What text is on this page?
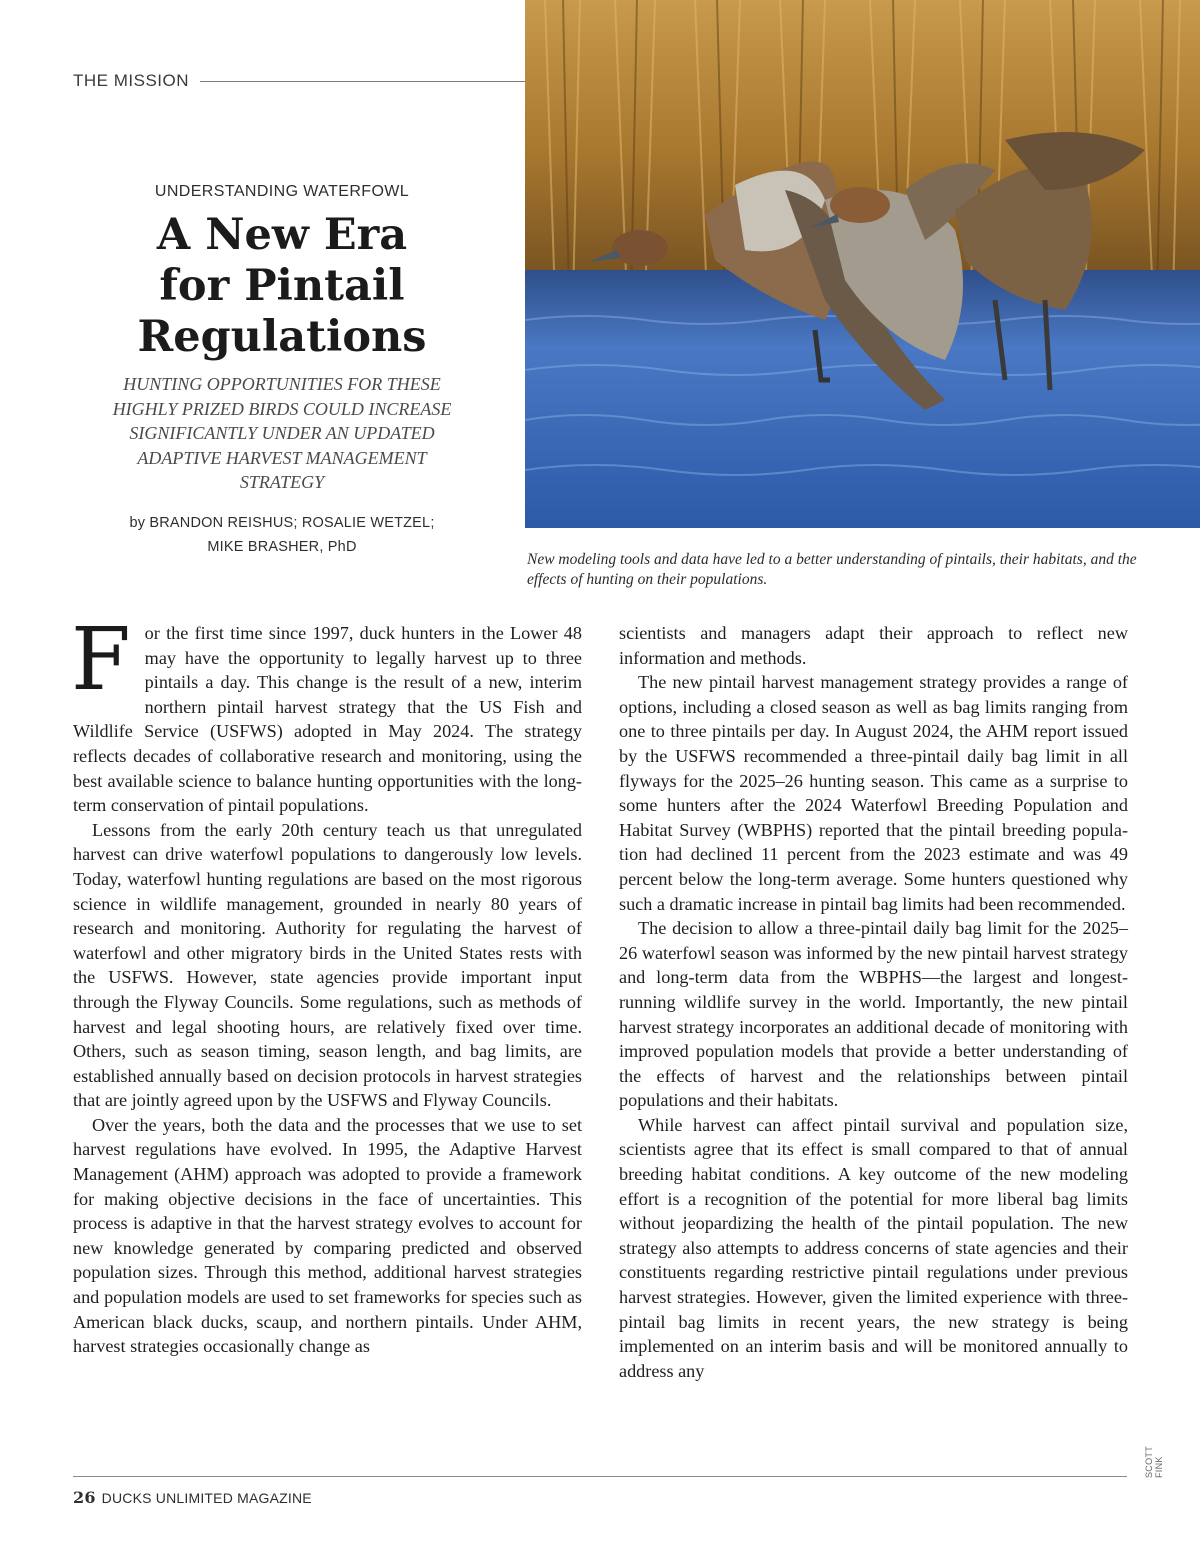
THE MISSION
UNDERSTANDING WATERFOWL
A New Era
for Pintail
Regulations

HUNTING OPPORTUNITIES FOR THESE HIGHLY PRIZED BIRDS COULD INCREASE SIGNIFICANTLY UNDER AN UPDATED ADAPTIVE HARVEST MANAGEMENT STRATEGY

by BRANDON REISHUS; ROSALIE WETZEL;
MIKE BRASHER, PhD

New modeling tools and data have led to a better understanding of pintails, their habitats, and the effects of hunting on their populations.

For the first time since 1997, duck hunters in the Lower 48 may have the opportunity to legally harvest up to three pintails a day. This change is the result of a new, interim northern pintail harvest strategy that the US Fish and Wildlife Service (USFWS) adopted in May 2024. The strategy reflects decades of collaborative research and monitoring, using the best available science to balance hunting opportunities with the long-term conservation of pintail populations.

Lessons from the early 20th century teach us that unregulated harvest can drive waterfowl populations to dangerously low levels. Today, waterfowl hunting regulations are based on the most rigorous science in wildlife management, grounded in nearly 80 years of research and monitoring. Authority for regulating the harvest of waterfowl and other migratory birds in the United States rests with the USFWS. However, state agencies provide important input through the Flyway Councils. Some regulations, such as methods of harvest and legal shooting hours, are relatively fixed over time. Others, such as season timing, season length, and bag limits, are established annually based on decision protocols in harvest strategies that are jointly agreed upon by the USFWS and Flyway Councils.

Over the years, both the data and the processes that we use to set harvest regulations have evolved. In 1995, the Adaptive Harvest Management (AHM) approach was adopted to provide a framework for making objective decisions in the face of uncertainties. This process is adaptive in that the harvest strategy evolves to account for new knowledge generated by comparing predicted and observed population sizes. Through this method, additional harvest strategies and population models are used to set frameworks for species such as American black ducks, scaup, and northern pintails. Under AHM, harvest strategies occasionally change as

scientists and managers adapt their approach to reflect new information and methods.

The new pintail harvest management strategy provides a range of options, including a closed season as well as bag limits ranging from one to three pintails per day. In August 2024, the AHM report issued by the USFWS recommended a three-pintail daily bag limit in all flyways for the 2025–26 hunting season. This came as a surprise to some hunters after the 2024 Waterfowl Breeding Population and Habitat Survey (WBPHS) reported that the pintail breeding population had declined 11 percent from the 2023 estimate and was 49 percent below the long-term average. Some hunters questioned why such a dramatic increase in pintail bag limits had been recommended.

The decision to allow a three-pintail daily bag limit for the 2025–26 waterfowl season was informed by the new pintail harvest strategy and long-term data from the WBPHS—the largest and longest-running wildlife survey in the world. Importantly, the new pintail harvest strategy incorporates an additional decade of monitoring with improved population models that provide a better understanding of the effects of harvest and the relationships between pintail populations and their habitats.

While harvest can affect pintail survival and population size, scientists agree that its effect is small compared to that of annual breeding habitat conditions. A key outcome of the new modeling effort is a recognition of the potential for more liberal bag limits without jeopardizing the health of the pintail population. The new strategy also attempts to address concerns of state agencies and their constituents regarding restrictive pintail regulations under previous harvest strategies. However, given the limited experience with three-pintail bag limits in recent years, the new strategy is being implemented on an interim basis and will be monitored annually to address any

SCOTT FINK
26 DUCKS UNLIMITED MAGAZINE
